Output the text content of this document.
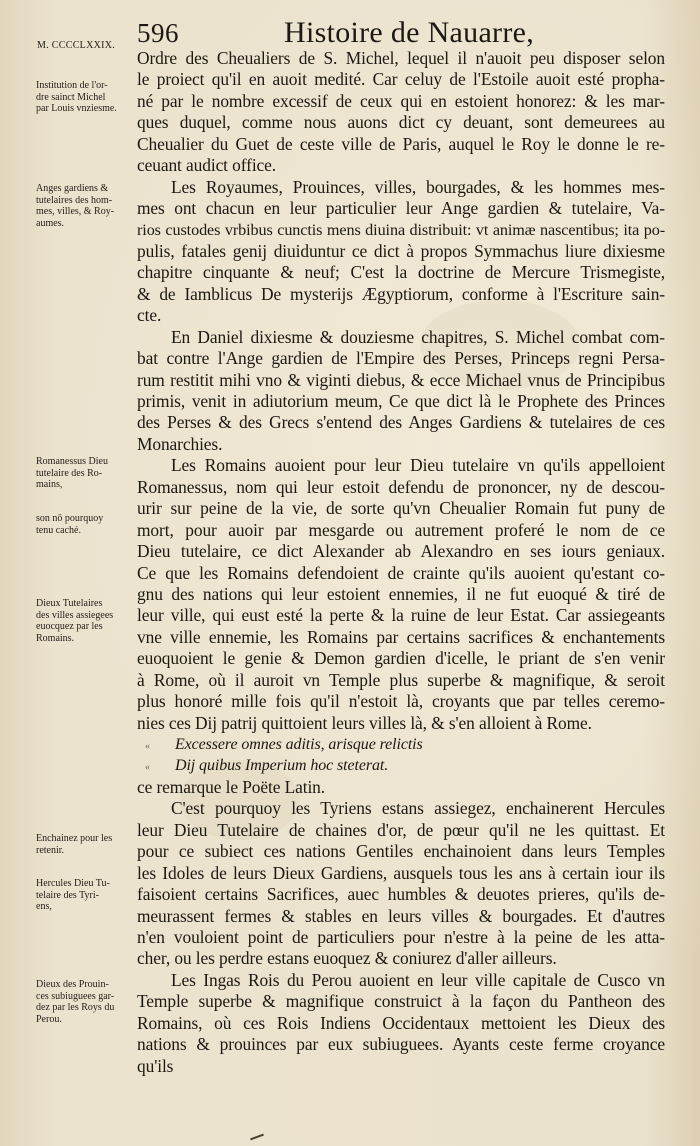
596	Histoire de Nauarre,
M. CCCCLXXIX.
Institution de l'or-
dre sainct Michel
par Louis vnziesme.
Anges gardiens &
tutelaires des hom-
mes, villes, & Roy-
aumes.
Romanessus Dieu
tutelaire des Ro-
mains,
son nō pourquoy
tenu caché.
Dieux Tutelaires
des villes assiegees
euocquez par les
Romains.
Enchainez pour les
retenir.
Hercules Dieu Tu-
telaire des Tyri-
ens,
Dieux des Prouin-
ces subiuguees gar-
dez par les Roys du
Perou.
Ordre des Cheualiers de S. Michel, lequel il n'auoit peu disposer selon
le proiect qu'il en auoit medité. Car celuy de l'Estoile auoit esté propha-
né par le nombre excessif de ceux qui en estoient honorez: & les mar-
ques duquel, comme nous auons dict cy deuant, sont demeurees au
Cheualier du Guet de ceste ville de Paris, auquel le Roy le donne le re-
ceuant audict office.
Les Royaumes, Prouinces, villes, bourgades, & les hommes mes-
mes ont chacun en leur particulier leur Ange gardien & tutelaire, Va-
rios custodes vrbibus cunctis mens diuina distribuit: vt animæ nascentibus; ita po-
pulis, fatales genij diuiduntur ce dict à propos Symmachus liure dixiesme
chapitre cinquante & neuf; C'est la doctrine de Mercure Trismegiste,
& de Iamblicus De mysterijs Ægyptiorum, conforme à l'Escriture sain-
cte.
En Daniel dixiesme & douziesme chapitres, S. Michel combat com-
bat contre l'Ange gardien de l'Empire des Perses, Princeps regni Persa-
rum restitit mihi vno & viginti diebus, & ecce Michael vnus de Principibus
primis, venit in adiutorium meum, Ce que dict là le Prophete des Princes
des Perses & des Grecs s'entend des Anges Gardiens & tutelaires de ces
Monarchies.
Les Romains auoient pour leur Dieu tutelaire vn qu'ils appelloient
Romanessus, nom qui leur estoit defendu de prononcer, ny de descou-
urir sur peine de la vie, de sorte qu'vn Cheualier Romain fut puny de
mort, pour auoir par mesgarde ou autrement proferé le nom de ce
Dieu tutelaire, ce dict Alexander ab Alexandro en ses iours geniaux.
Ce que les Romains defendoient de crainte qu'ils auoient qu'estant co-
gnu des nations qui leur estoient ennemies, il ne fut euoqué & tiré de
leur ville, qui eust esté la perte & la ruine de leur Estat. Car assiegeants
vne ville ennemie, les Romains par certains sacrifices & enchantements
euoquoient le genie & Demon gardien d'icelle, le priant de s'en venir
à Rome, où il auroit vn Temple plus superbe & magnifique, & seroit
plus honoré mille fois qu'il n'estoit là, croyants que par telles ceremo-
nies ces Dij patrij quittoient leurs villes là, & s'en alloient à Rome.
« Excessere omnes aditis, arisque relictis
« Dij quibus Imperium hoc steterat.
ce remarque le Poëte Latin.
C'est pourquoy les Tyriens estans assiegez, enchainerent Hercules
leur Dieu Tutelaire de chaines d'or, de pœur qu'il ne les quittast. Et
pour ce subiect ces nations Gentiles enchainoient dans leurs Temples
les Idoles de leurs Dieux Gardiens, ausquels tous les ans à certain iour ils
faisoient certains Sacrifices, auec humbles & deuotes prieres, qu'ils de-
meurassent fermes & stables en leurs villes & bourgades. Et d'autres
n'en vouloient point de particuliers pour n'estre à la peine de les atta-
cher, ou les perdre estans euoquez & coniurez d'aller ailleurs.
Les Ingas Rois du Perou auoient en leur ville capitale de Cusco vn
Temple superbe & magnifique construict à la façon du Pantheon des
Romains, où ces Rois Indiens Occidentaux mettoient les Dieux des
nations & prouinces par eux subiuguees. Ayants ceste ferme croyance
qu'ils
